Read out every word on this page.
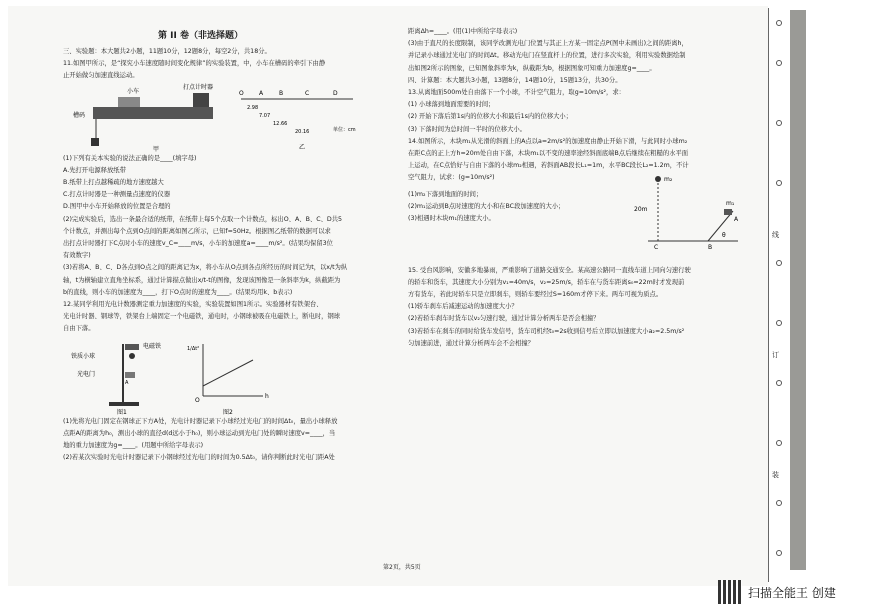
第 II 卷（非选择题）
三、实验题：本大题共2小题，11题10分，12题8分，每空2分，共18分。
11.如图甲所示，是“探究小车速度随时间变化规律”的实验装置，中，小车在槽码的牵引下由静
止开始做匀加速直线运动。
小车
打点计时器
槽码
甲
O	A	B	C	D
2.98
7.07
12.66
20.16	单位：cm
乙
(1)下列有关本实验的说法正确的是____(填字母)
A.先打开电源释放纸带
B.纸带上打点越稀疏的地方速度越大
C.打点计时器是一种测量点速度的仪器
D.图甲中小车开始释放的位置是合理的
(2)完成实验后，选出一条最合适的纸带，在纸带上每5个点取一个计数点，标出O、A、B、C、D共5
个计数点，并测出每个点到O点间的距离如图乙所示，已知f=50Hz。根据图乙纸带的数据可以求
出打点计时器打下C点时小车的速度v_C=____m/s，小车的加速度a=____m/s²。(结果均保留3位
有效数字)
(3)若将A、B、C、D各点到O点之间的距离记为x，将小车从O点到各点所经历的时间记为t，以x/t为纵
轴，t为横轴建立直角坐标系，通过计算描点做出x/t-t的图像，发现该图像是一条斜率为k，纵截距为
b的直线，则小车的加速度为____，打下O点时的速度为____。(结果均用k、b表示)
12.某同学利用光电计数器测定重力加速度的实验，实验装置如图1所示。实验器材有铁架台、
光电计时器、钢球等，铁架台上端固定一个电磁铁，通电时，小钢球被吸在电磁铁上，断电时，钢球
自由下落。
电磁铁
铁质小球
光电门
A
图1
1/Δt²
h
O
图2
(1)先将光电门固定在钢球正下方A处，光电计时器记录下小球经过光电门的时间Δt₀，量出小球释放
点距A的距离为h₀，测出小球的直径d(d远小于h₀)，则小球运动到光电门处的瞬时速度v=____，当
地的重力加速度为g=____。(用题中所给字母表示)
(2)若某次实验时光电计时器记录下小钢球经过光电门的时间为0.5Δt₀，请你判断此时光电门距A处
距离Δh=____。(用(1)中所给字母表示)
(3)由于直尺的长度限制，该同学改测光电门位置与其正上方某一固定点P(图中未画出)之间的距离h，
并记录小球通过光电门的时间Δt。移动光电门在竖直杆上的位置，进行多次实验，利用实验数据绘制
出如图2所示的图象，已知图象斜率为k，纵截距为b，根据图象可知重力加速度g=____。
四、计算题：本大题共3小题，13题8分，14题10分，15题13分，共30分。
13.从离地面500m处自由落下一个小球，不计空气阻力，取g=10m/s²，求：
(1) 小球落到地面需要的时间；
(2) 开始下落后第1s内的位移大小和最后1s内的位移大小；
(3) 下落时间为总时间一半时的位移大小。
14.如图所示，木块m₁从光滑的斜面上的A点以a=2m/s²的加速度由静止开始下滑，与此同时小球m₂
在距C点的正上方h=20m处自由下落，木块m₁以不变的速率途经斜面底端B点后继续在粗糙的水平面
上运动，在C点恰好与自由下落的小球m₂相遇，若斜面AB段长L₁=1m，水平BC段长L₂=1.2m，不计
空气阻力，试求：(g=10m/s²)
(1)m₂下落到地面的时间；
(2)m₁运动到B点时速度的大小和在BC段加速度的大小；
(3)相遇时木块m₁的速度大小。
m₂
m₁
20m
C	B
A
θ
15. 受台风影响，安徽多地暴雨，严重影响了道路交通安全。某高速公路同一直线车道上同向匀速行驶
的轿车和货车，其速度大小分别为v₁=40m/s，v₂=25m/s，轿车在与货车距离s₀=22m时才发现前
方有货车，若此时轿车只是立即刹车，则轿车要经过S=160m才停下来。两车可视为质点。
(1)轿车刹车后减速运动的加速度大小？
(2)若轿车刹车时货车以v₂匀速行驶，通过计算分析两车是否会相撞？
(3)若轿车在刹车的同时给货车发信号，货车司机经t₀=2s收到信号后立即以加速度大小a₂=2.5m/s²
匀加速前进，通过计算分析两车会不会相撞？
第2页，共5页
线
订
装
扫描全能王 创建
